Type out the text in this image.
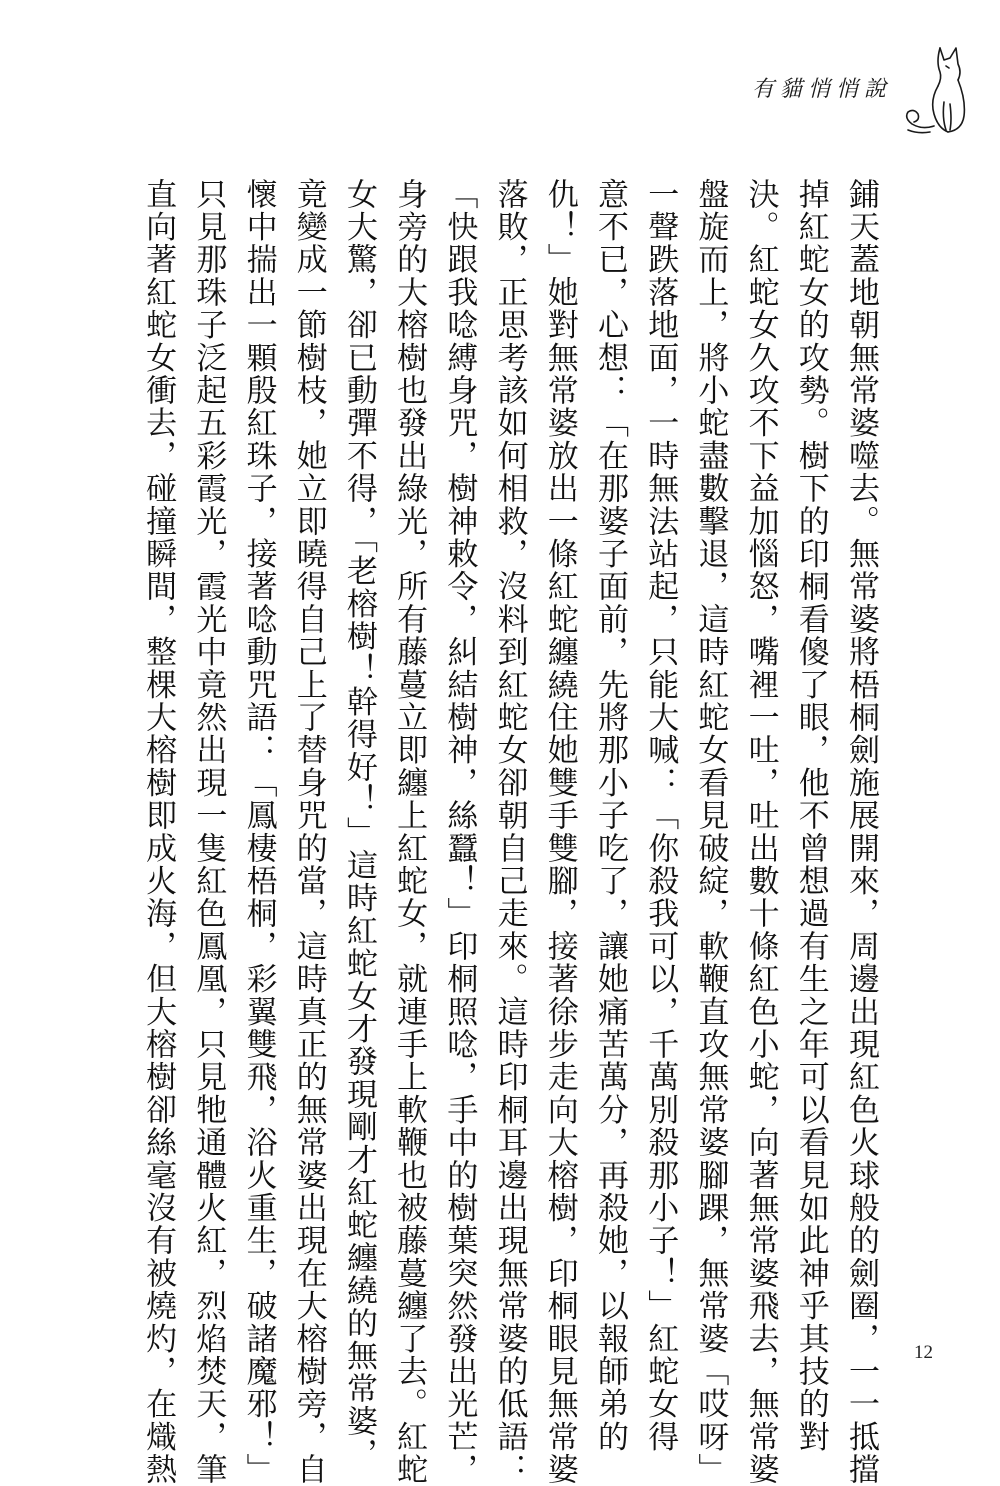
有貓悄悄說
鋪天蓋地朝無常婆噬去。無常婆將梧桐劍施展開來，周邊出現紅色火球般的劍圈，一一抵擋
掉紅蛇女的攻勢。樹下的印桐看傻了眼，他不曾想過有生之年可以看見如此神乎其技的對
決。紅蛇女久攻不下益加惱怒，嘴裡一吐，吐出數十條紅色小蛇，向著無常婆飛去，無常婆
盤旋而上，將小蛇盡數擊退，這時紅蛇女看見破綻，軟鞭直攻無常婆腳踝，無常婆「哎呀」
一聲跌落地面，一時無法站起，只能大喊：「你殺我可以，千萬別殺那小子！」紅蛇女得
意不已，心想：「在那婆子面前，先將那小子吃了，讓她痛苦萬分，再殺她，以報師弟的
仇！」她對無常婆放出一條紅蛇纏繞住她雙手雙腳，接著徐步走向大榕樹，印桐眼見無常婆
落敗，正思考該如何相救，沒料到紅蛇女卻朝自己走來。這時印桐耳邊出現無常婆的低語：
「快跟我唸縛身咒，樹神敕令，糾結樹神，絲蠶！」印桐照唸，手中的樹葉突然發出光芒，
身旁的大榕樹也發出綠光，所有藤蔓立即纏上紅蛇女，就連手上軟鞭也被藤蔓纏了去。紅蛇
女大驚，卻已動彈不得，「老榕樹！幹得好！」這時紅蛇女才發現剛才紅蛇纏繞的無常婆，
竟變成一節樹枝，她立即曉得自己上了替身咒的當，這時真正的無常婆出現在大榕樹旁，自
懷中揣出一顆殷紅珠子，接著唸動咒語：「鳳棲梧桐，彩翼雙飛，浴火重生，破諸魔邪！」
只見那珠子泛起五彩霞光，霞光中竟然出現一隻紅色鳳凰，只見牠通體火紅，烈焰焚天，筆
直向著紅蛇女衝去，碰撞瞬間，整棵大榕樹即成火海，但大榕樹卻絲毫沒有被燒灼，在熾熱	12
